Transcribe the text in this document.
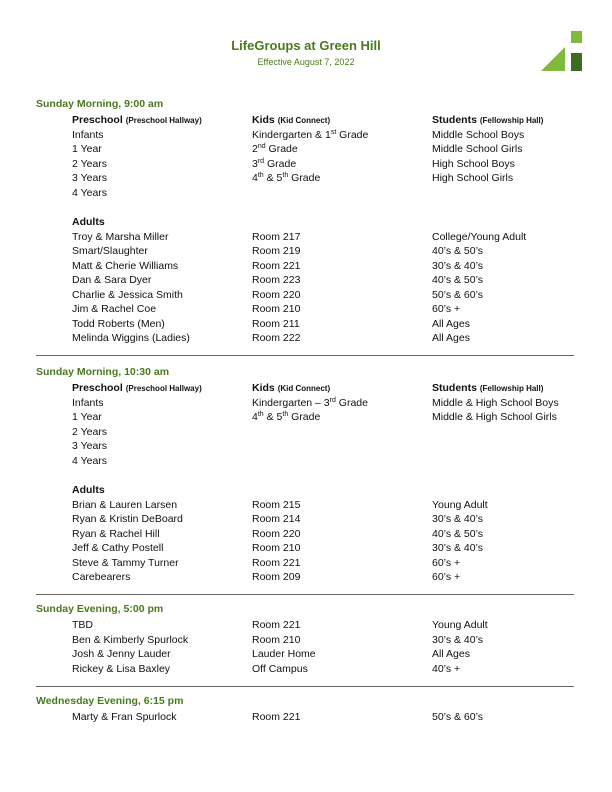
LifeGroups at Green Hill
Effective August 7, 2022
Sunday Morning, 9:00 am
Preschool (Preschool Hallway)	Kids (Kid Connect)	Students (Fellowship Hall)
Infants	Kindergarten & 1st Grade	Middle School Boys
1 Year	2nd Grade	Middle School Girls
2 Years	3rd Grade	High School Boys
3 Years	4th & 5th Grade	High School Girls
4 Years
Adults
Troy & Marsha Miller	Room 217	College/Young Adult
Smart/Slaughter	Room 219	40’s & 50’s
Matt & Cherie Williams	Room 221	30’s & 40’s
Dan & Sara Dyer	Room 223	40’s & 50’s
Charlie & Jessica Smith	Room 220	50’s & 60’s
Jim & Rachel Coe	Room 210	60’s +
Todd Roberts (Men)	Room 211	All Ages
Melinda Wiggins (Ladies)	Room 222	All Ages
Sunday Morning, 10:30 am
Preschool (Preschool Hallway)	Kids (Kid Connect)	Students (Fellowship Hall)
Infants	Kindergarten – 3rd Grade	Middle & High School Boys
1 Year	4th & 5th Grade	Middle & High School Girls
2 Years
3 Years
4 Years
Adults
Brian & Lauren Larsen	Room 215	Young Adult
Ryan & Kristin DeBoard	Room 214	30’s & 40’s
Ryan & Rachel Hill	Room 220	40’s & 50’s
Jeff & Cathy Postell	Room 210	30’s & 40’s
Steve & Tammy Turner	Room 221	60’s +
Carebearers	Room 209	60’s +
Sunday Evening, 5:00 pm
TBD	Room 221	Young Adult
Ben & Kimberly Spurlock	Room 210	30’s & 40’s
Josh & Jenny Lauder	Lauder Home	All Ages
Rickey & Lisa Baxley	Off Campus	40’s +
Wednesday Evening, 6:15 pm
Marty & Fran Spurlock	Room 221	50’s & 60’s
